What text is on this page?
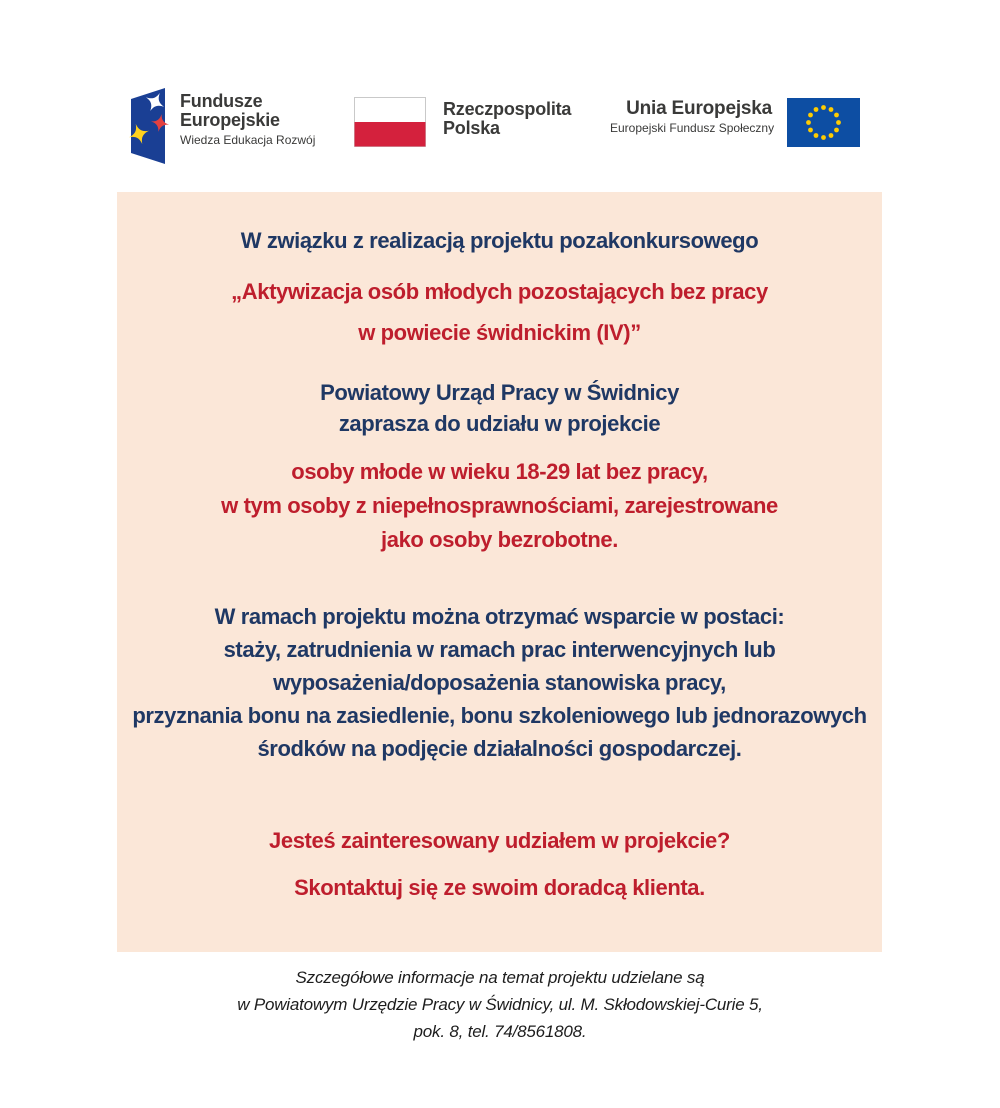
Fundusze
Europejskie
Wiedza Edukacja Rozwój
Rzeczpospolita
Polska
Unia Europejska
Europejski Fundusz Społeczny

W związku z realizacją projektu pozakonkursowego

„Aktywizacja osób młodych pozostających bez pracy
w powiecie świdnickim (IV)”

Powiatowy Urząd Pracy w Świdnicy
zaprasza do udziału w projekcie

osoby młode w wieku 18-29 lat bez pracy,
w tym osoby z niepełnosprawnościami, zarejestrowane
jako osoby bezrobotne.

W ramach projektu można otrzymać wsparcie w postaci:
staży, zatrudnienia w ramach prac interwencyjnych lub
wyposażenia/doposażenia stanowiska pracy,
przyznania bonu na zasiedlenie, bonu szkoleniowego lub jednorazowych
środków na podjęcie działalności gospodarczej.

Jesteś zainteresowany udziałem w projekcie?

Skontaktuj się ze swoim doradcą klienta.

Szczegółowe informacje na temat projektu udzielane są
w Powiatowym Urzędzie Pracy w Świdnicy, ul. M. Skłodowskiej-Curie 5,
pok. 8, tel. 74/8561808.
